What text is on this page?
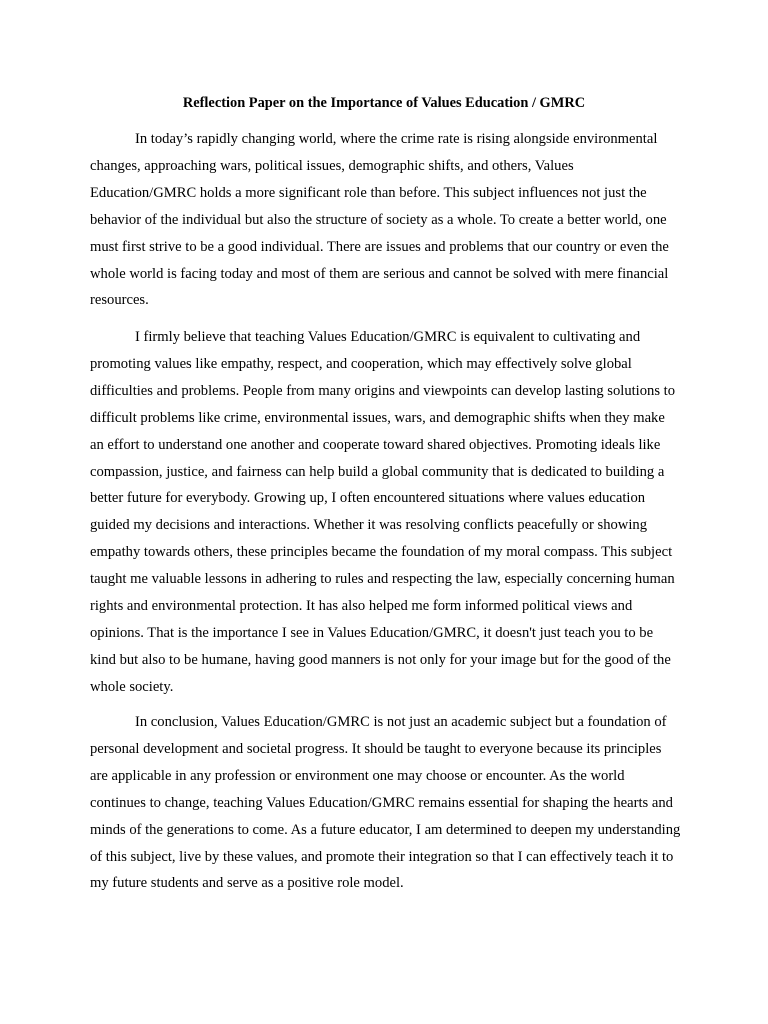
Reflection Paper on the Importance of Values Education / GMRC

In today’s rapidly changing world, where the crime rate is rising alongside environmental changes, approaching wars, political issues, demographic shifts, and others, Values Education/GMRC holds a more significant role than before. This subject influences not just the behavior of the individual but also the structure of society as a whole. To create a better world, one must first strive to be a good individual. There are issues and problems that our country or even the whole world is facing today and most of them are serious and cannot be solved with mere financial resources.

I firmly believe that teaching Values Education/GMRC is equivalent to cultivating and promoting values like empathy, respect, and cooperation, which may effectively solve global difficulties and problems. People from many origins and viewpoints can develop lasting solutions to difficult problems like crime, environmental issues, wars, and demographic shifts when they make an effort to understand one another and cooperate toward shared objectives. Promoting ideals like compassion, justice, and fairness can help build a global community that is dedicated to building a better future for everybody. Growing up, I often encountered situations where values education guided my decisions and interactions. Whether it was resolving conflicts peacefully or showing empathy towards others, these principles became the foundation of my moral compass. This subject taught me valuable lessons in adhering to rules and respecting the law, especially concerning human rights and environmental protection. It has also helped me form informed political views and opinions. That is the importance I see in Values Education/GMRC, it doesn't just teach you to be kind but also to be humane, having good manners is not only for your image but for the good of the whole society.

In conclusion, Values Education/GMRC is not just an academic subject but a foundation of personal development and societal progress. It should be taught to everyone because its principles are applicable in any profession or environment one may choose or encounter. As the world continues to change, teaching Values Education/GMRC remains essential for shaping the hearts and minds of the generations to come. As a future educator, I am determined to deepen my understanding of this subject, live by these values, and promote their integration so that I can effectively teach it to my future students and serve as a positive role model.
